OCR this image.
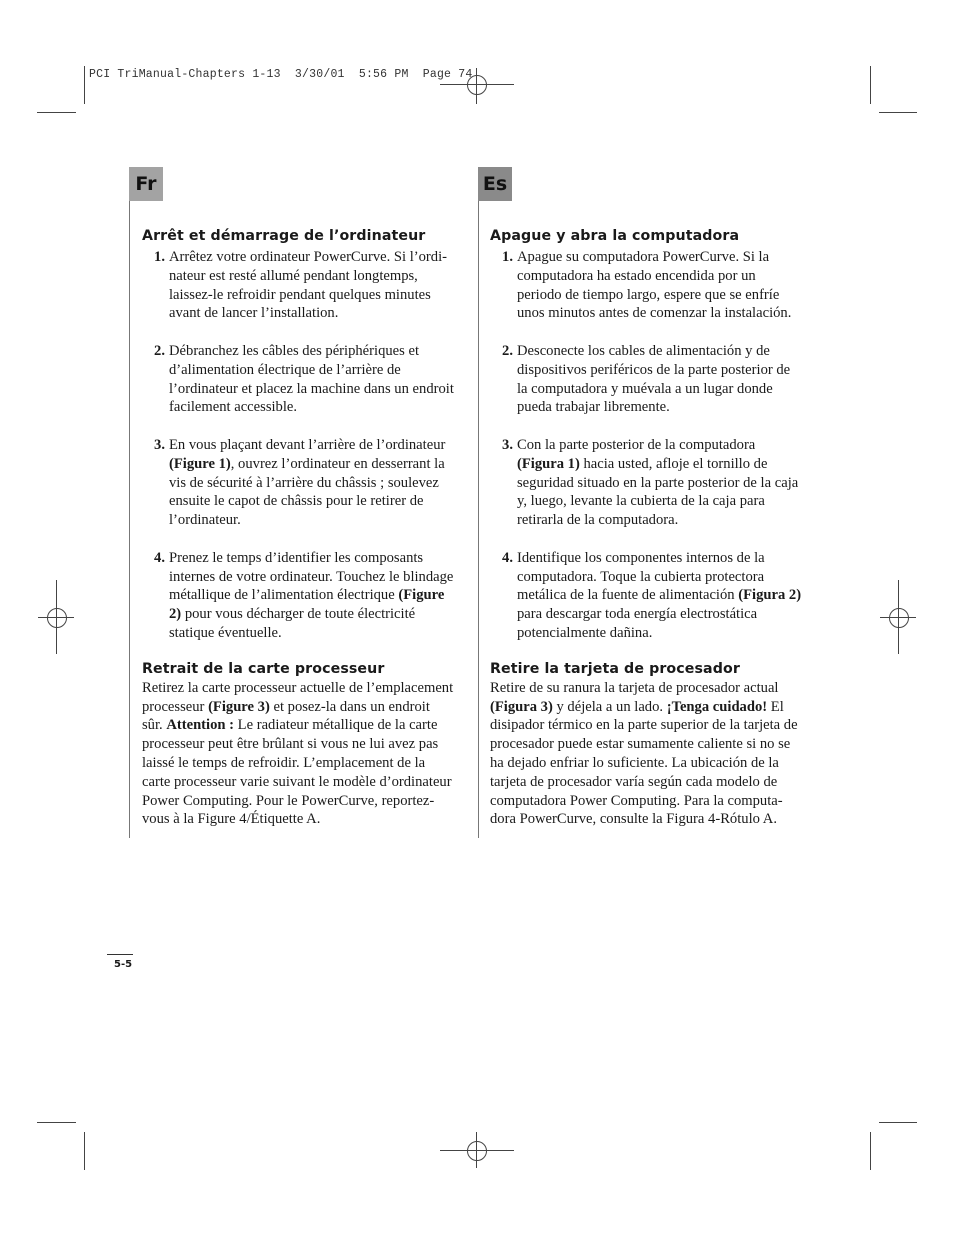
PCI TriManual-Chapters 1-13  3/30/01  5:56 PM  Page 74
Fr	Es
Arrêt et démarrage de l’ordinateur
1. Arrêtez votre ordinateur PowerCurve. Si l’ordi- nateur est resté allumé pendant longtemps, laissez-le refroidir pendant quelques minutes avant de lancer l’installation.
2. Débranchez les câbles des périphériques et d’alimentation électrique de l’arrière de l’ordinateur et placez la machine dans un endroit facilement accessible.
3. En vous plaçant devant l’arrière de l’ordinateur (Figure 1), ouvrez l’ordinateur en desserrant la vis de sécurité à l’arrière du châssis ; soulevez ensuite le capot de châssis pour le retirer de l’ordinateur.
4. Prenez le temps d’identifier les composants internes de votre ordinateur. Touchez le blindage métallique de l’alimentation électrique (Figure 2) pour vous décharger de toute électricité statique éventuelle.
Retrait de la carte processeur

Retirez la carte processeur actuelle de l’emplacement processeur (Figure 3) et posez-la dans un endroit sûr. Attention : Le radiateur métallique de la carte processeur peut être brûlant si vous ne lui avez pas laissé le temps de refroidir. L’emplacement de la carte processeur varie suivant le modèle d’ordinateur Power Computing. Pour le PowerCurve, reportez-vous à la Figure 4/Étiquette A.

Apague y abra la computadora
1. Apague su computadora PowerCurve. Si la computadora ha estado encendida por un periodo de tiempo largo, espere que se enfríe unos minutos antes de comenzar la instalación.
2. Desconecte los cables de alimentación y de dispositivos periféricos de la parte posterior de la computadora y muévala a un lugar donde pueda trabajar libremente.
3. Con la parte posterior de la computadora (Figura 1) hacia usted, afloje el tornillo de seguridad situado en la parte posterior de la caja y, luego, levante la cubierta de la caja para retirarla de la computadora.
4. Identifique los componentes internos de la computadora. Toque la cubierta protectora metálica de la fuente de alimentación (Figura 2) para descargar toda energía electrostática potencialmente dañina.
Retire la tarjeta de procesador

Retire de su ranura la tarjeta de procesador actual (Figura 3) y déjela a un lado. ¡Tenga cuidado! El disipador térmico en la parte superior de la tarjeta de procesador puede estar sumamente caliente si no se ha dejado enfriar lo suficiente. La ubicación de la tarjeta de procesador varía según cada modelo de computadora Power Computing. Para la computa-dora PowerCurve, consulte la Figura 4-Rótulo A.

5-5
